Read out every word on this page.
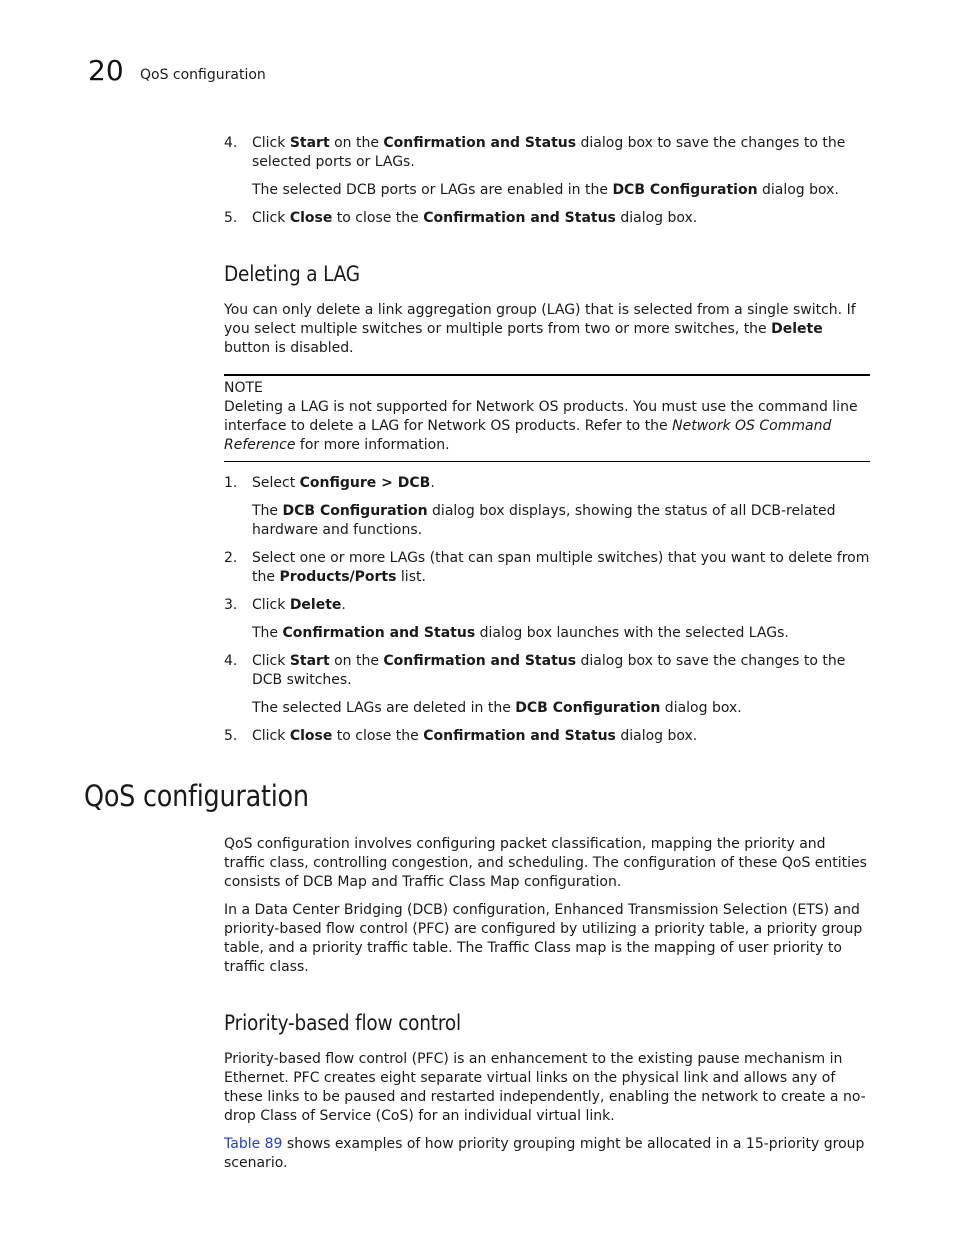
20 QoS configuration
4. Click Start on the Confirmation and Status dialog box to save the changes to the selected ports or LAGs.
The selected DCB ports or LAGs are enabled in the DCB Configuration dialog box.
5. Click Close to close the Confirmation and Status dialog box.
Deleting a LAG

You can only delete a link aggregation group (LAG) that is selected from a single switch. If you select multiple switches or multiple ports from two or more switches, the Delete button is disabled.

NOTE
Deleting a LAG is not supported for Network OS products. You must use the command line interface to delete a LAG for Network OS products. Refer to the Network OS Command Reference for more information.
1. Select Configure > DCB.
The DCB Configuration dialog box displays, showing the status of all DCB-related hardware and functions.
2. Select one or more LAGs (that can span multiple switches) that you want to delete from the Products/Ports list.
3. Click Delete.
The Confirmation and Status dialog box launches with the selected LAGs.
4. Click Start on the Confirmation and Status dialog box to save the changes to the DCB switches.
The selected LAGs are deleted in the DCB Configuration dialog box.
5. Click Close to close the Confirmation and Status dialog box.
QoS configuration

QoS configuration involves configuring packet classification, mapping the priority and traffic class, controlling congestion, and scheduling. The configuration of these QoS entities consists of DCB Map and Traffic Class Map configuration.

In a Data Center Bridging (DCB) configuration, Enhanced Transmission Selection (ETS) and priority-based flow control (PFC) are configured by utilizing a priority table, a priority group table, and a priority traffic table. The Traffic Class map is the mapping of user priority to traffic class.

Priority-based flow control

Priority-based flow control (PFC) is an enhancement to the existing pause mechanism in Ethernet. PFC creates eight separate virtual links on the physical link and allows any of these links to be paused and restarted independently, enabling the network to create a no-drop Class of Service (CoS) for an individual virtual link.

Table 89 shows examples of how priority grouping might be allocated in a 15-priority group scenario.
